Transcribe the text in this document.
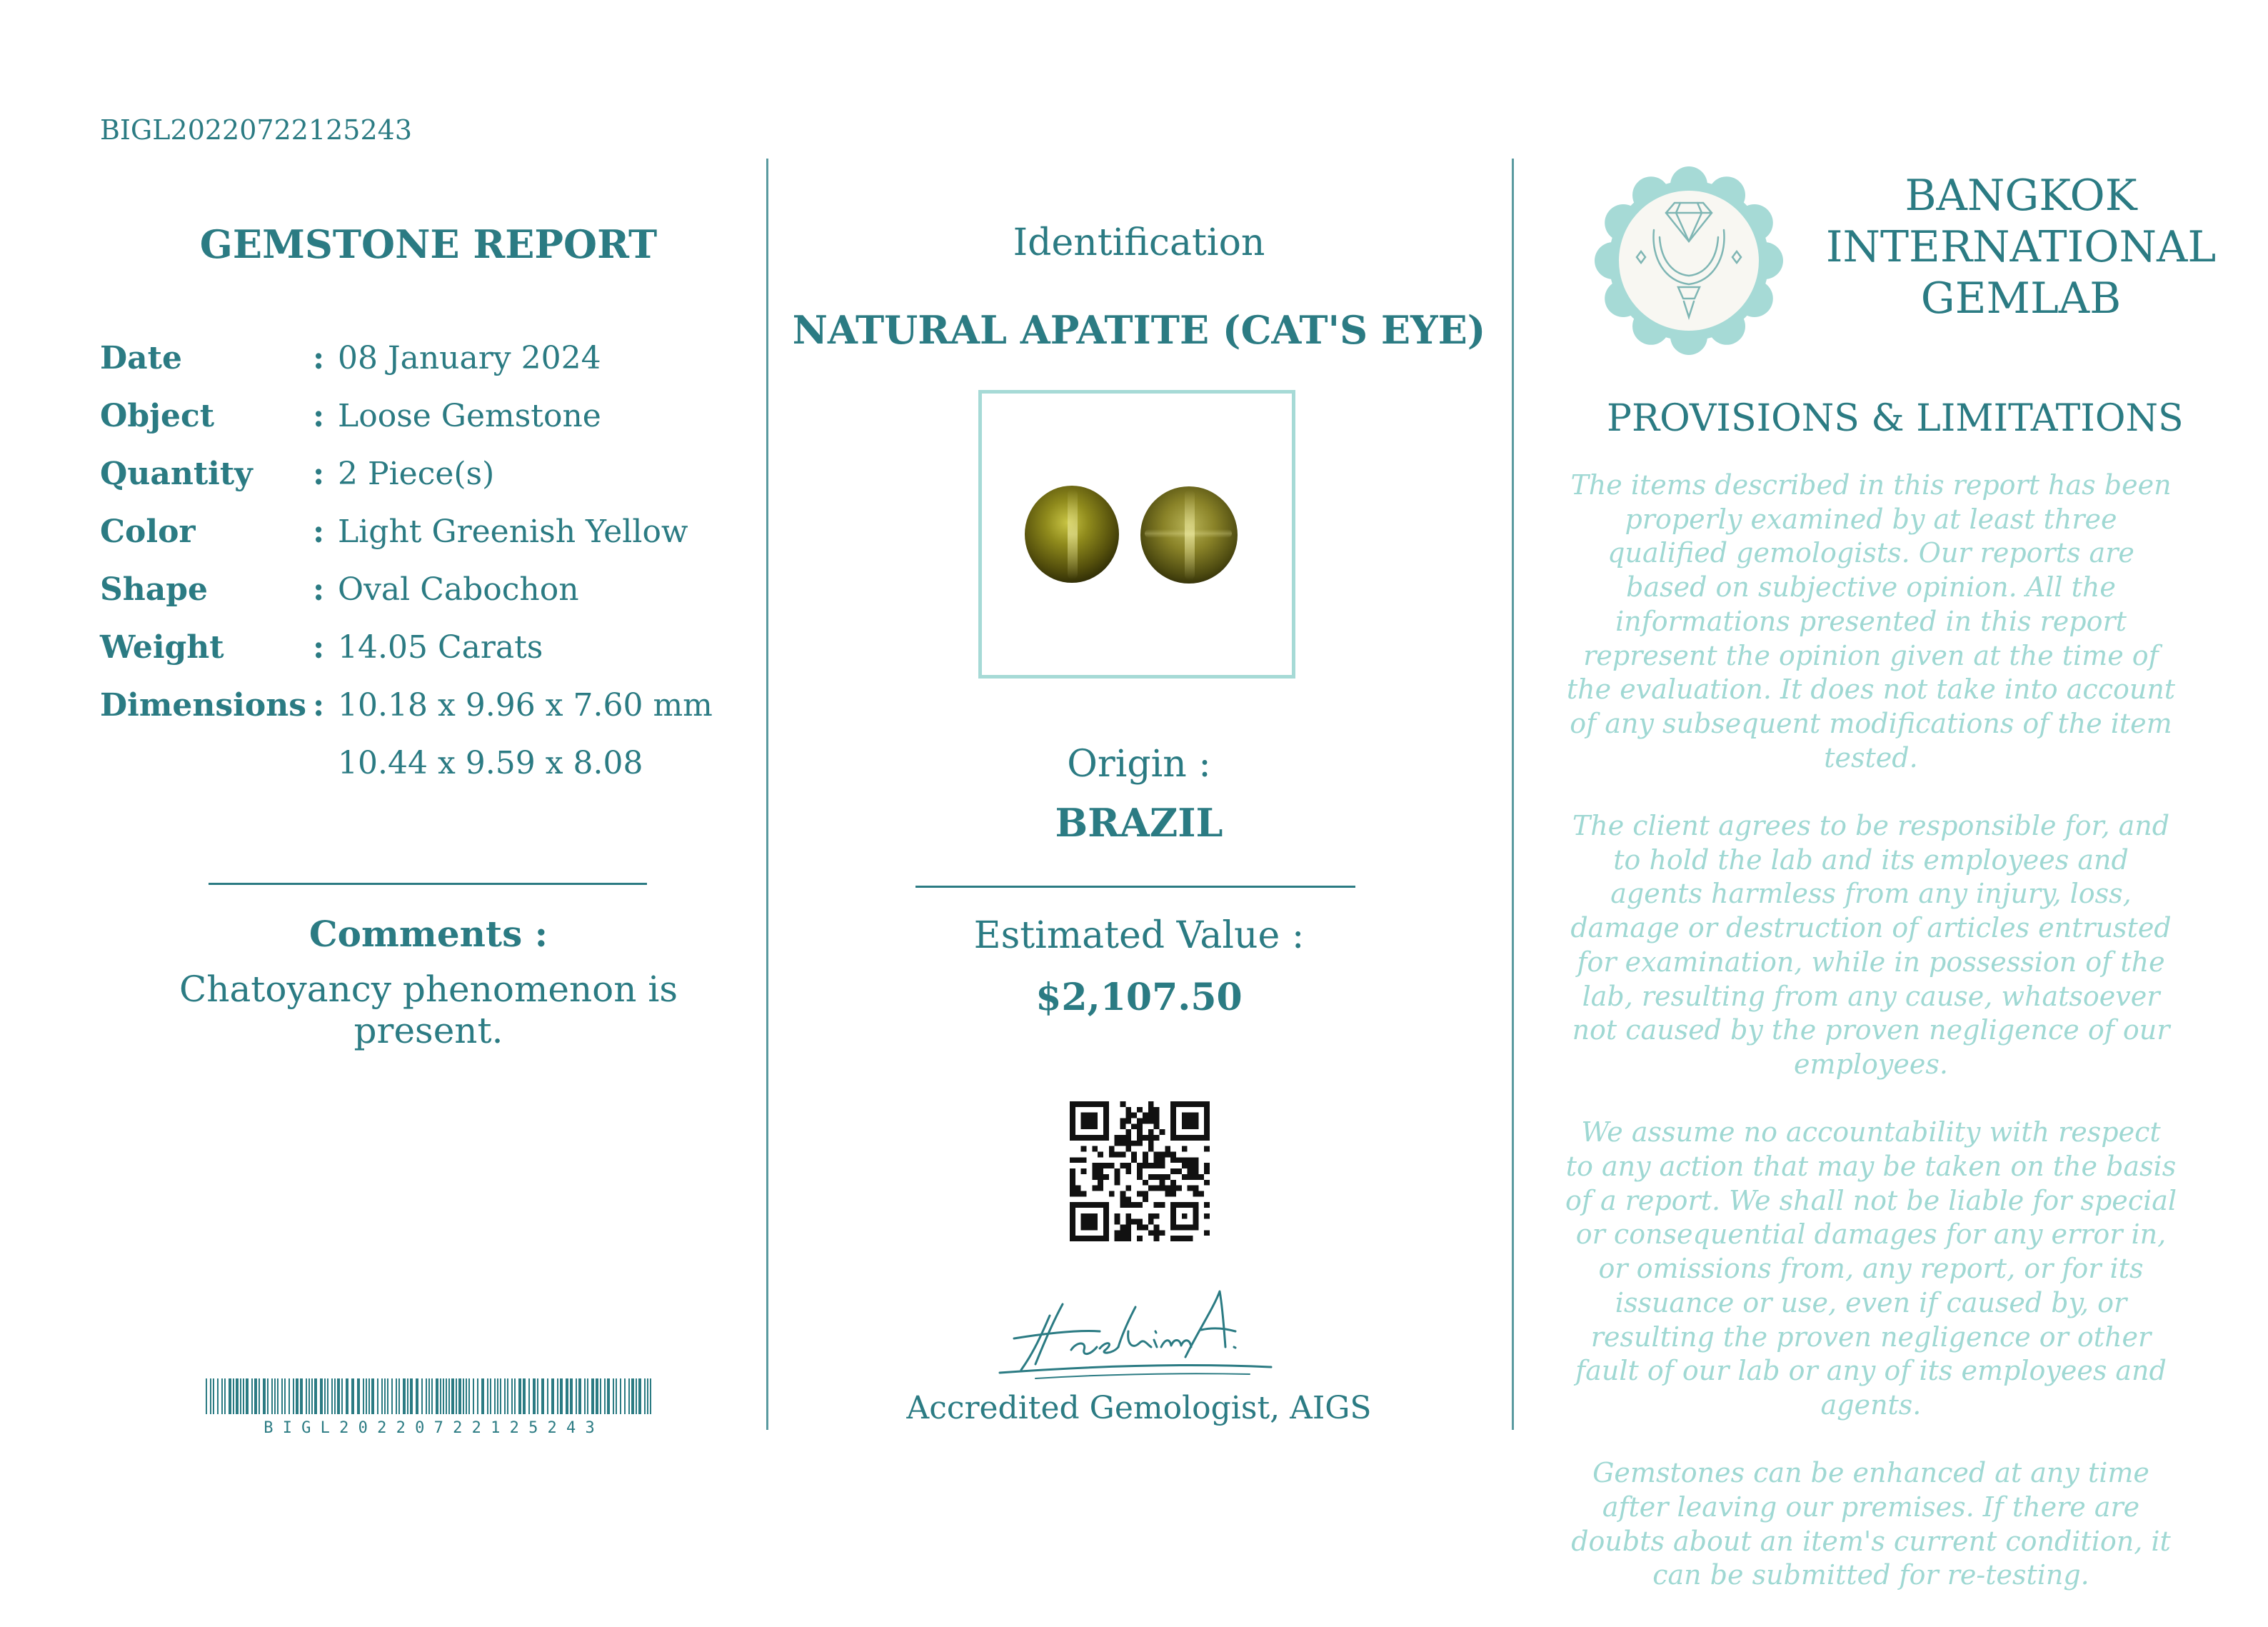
BIGL20220722125243
GEMSTONE REPORT
Date	: 08 January 2024
Object	: Loose Gemstone
Quantity : 2 Piece(s)
Color	: Light Greenish Yellow
Shape	: Oval Cabochon
Weight	: 14.05 Carats
Dimensions : 10.18 x 9.96 x 7.60 mm
10.44 x 9.59 x 8.08
Comments :
Chatoyancy phenomenon is present.
B I G L 2 0 2 2 0 7 2 2 1 2 5 2 4 3
Identification
NATURAL APATITE (CAT'S EYE)
Origin :
BRAZIL
Estimated Value :
$2,107.50
Accredited Gemologist, AIGS
BANGKOK
INTERNATIONAL
GEMLAB
PROVISIONS & LIMITATIONS

The items described in this report has been properly examined by at least three qualified gemologists. Our reports are based on subjective opinion. All the informations presented in this report represent the opinion given at the time of the evaluation. It does not take into account of any subsequent modifications of the item tested.

The client agrees to be responsible for, and to hold the lab and its employees and agents harmless from any injury, loss, damage or destruction of articles entrusted for examination, while in possession of the lab, resulting from any cause, whatsoever not caused by the proven negligence of our employees.

We assume no accountability with respect to any action that may be taken on the basis of a report. We shall not be liable for special or consequential damages for any error in, or omissions from, any report, or for its issuance or use, even if caused by, or resulting the proven negligence or other fault of our lab or any of its employees and agents.

Gemstones can be enhanced at any time after leaving our premises. If there are doubts about an item's current condition, it can be submitted for re-testing.
